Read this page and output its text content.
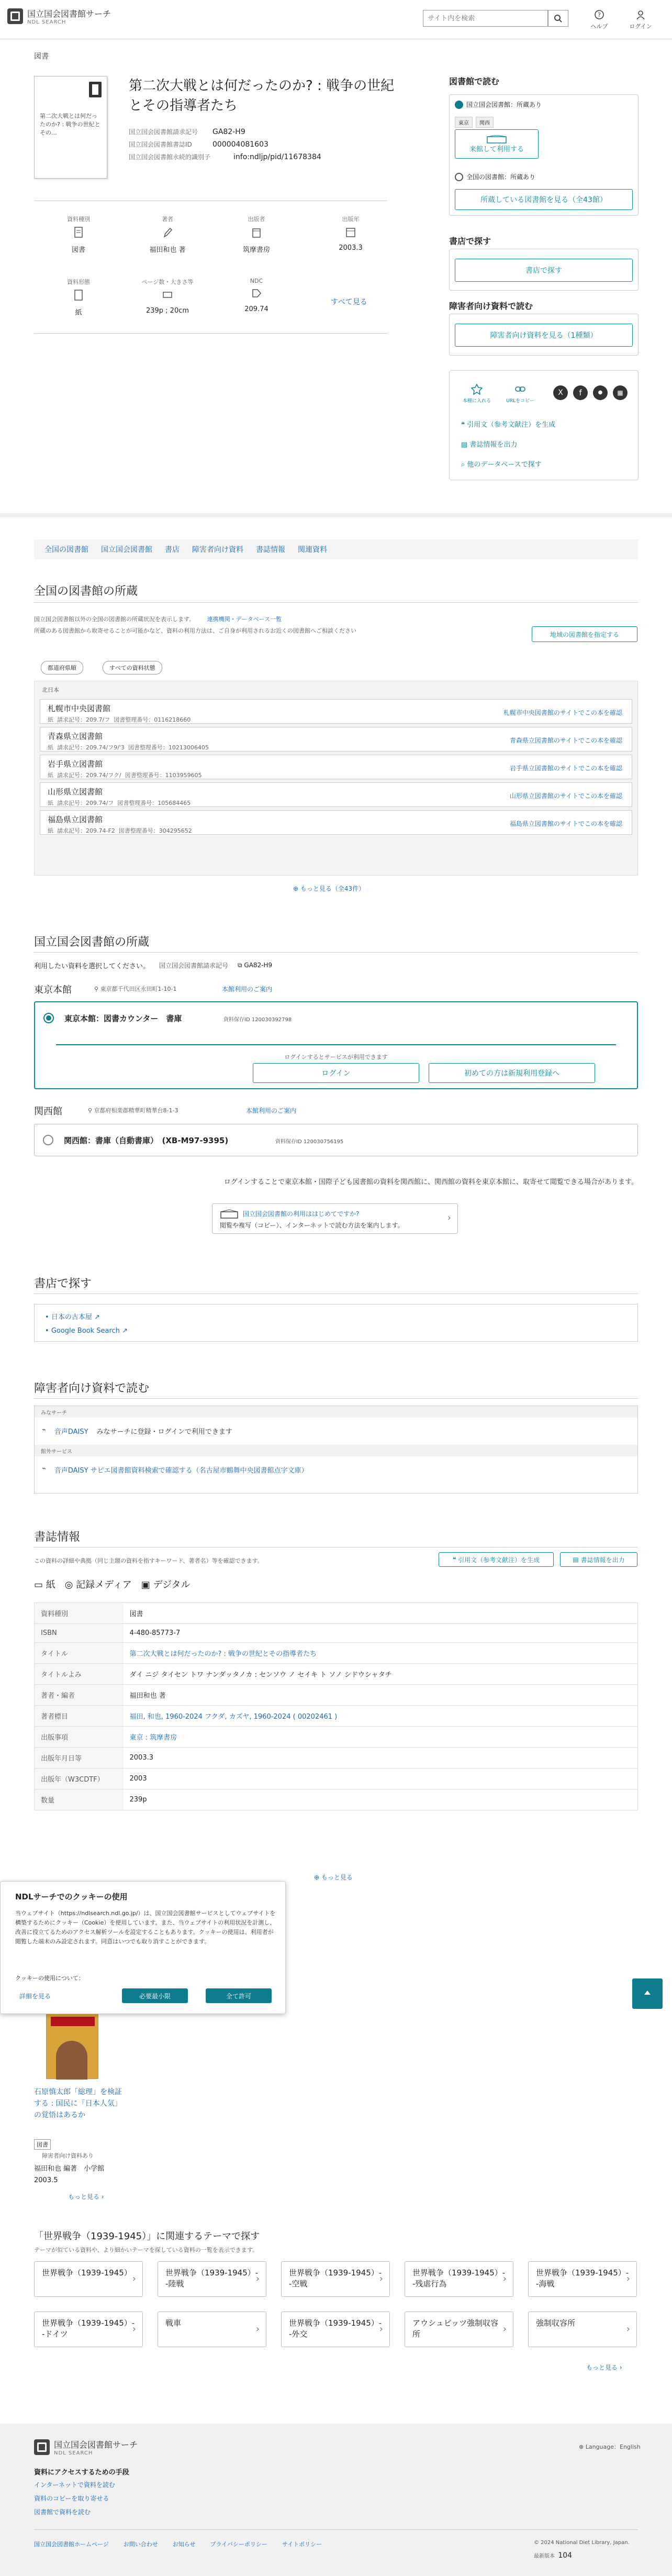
国立国会図書館サーチ
NDL SEARCH
サイト内を検索
?
ヘルプ	ログイン
図書
第二次大戦とは何だったのか? : 戦争の世紀とその...
第二次大戦とは何だったのか? : 戦争の世紀とその指導者たち
国立国会図書館請求記号	GA82-H9
国立国会図書館書誌ID	000004081603
国立国会図書館永続的識別子	info:ndljp/pid/11678384
資料種別
図書
著者
福田和也 著
出版者
筑摩書房
出版年
2003.3
資料形態
紙
ページ数・大きさ等
239p ; 20cm
NDC
209.74
すべて見る
図書館で読む
国立国会図書館：所蔵あり
東京	関西
来館して利用する
全国の図書館：所蔵あり
所蔵している図書館を見る（全43館）
書店で探す
書店で探す
障害者向け資料で読む
障害者向け資料を見る（1種類）
本棚に入れる	URLをコピー
X	f	●	▦
❝ 引用文（参考文献注）を生成
▤ 書誌情報を出力
⌕ 他のデータベースで探す
全国の図書館 国立国会図書館 書店 障害者向け資料 書誌情報 関連資料
全国の図書館の所蔵
国立国会図書館以外の全国の図書館の所蔵状況を表示します。 連携機関・データベース一覧
所蔵のある図書館から取寄せることが可能かなど、資料の利用方法は、ご自身が利用されるお近くの図書館へご相談ください	地域の図書館を指定する
都道府県順	すべての資料状態
北日本
札幌市中央図書館
紙 請求記号：209.7/フ 図書整理番号：0116218660
札幌市中央図書館のサイトでこの本を確認
青森県立図書館
紙 請求記号：209.74/フ9/'3 図書整理番号：10213006405
青森県立図書館のサイトでこの本を確認
岩手県立図書館
紙 請求記号：209.74/フク/ 図書整理番号：1103959605
岩手県立図書館のサイトでこの本を確認
山形県立図書館
紙 請求記号：209.74/フ 図書整理番号：105684465
山形県立図書館のサイトでこの本を確認
福島県立図書館
紙 請求記号：209.74-F2 図書整理番号：304295652
福島県立図書館のサイトでこの本を確認
⊕ もっと見る（全43件）
国立国会図書館の所蔵
利用したい資料を選択してください。 国立国会図書館請求記号 ⧉ GA82-H9
東京本館	⚲ 東京都千代田区永田町1-10-1	本館利用のご案内
東京本館：図書カウンター　書庫	資料保存ID 120030392798
ログインするとサービスが利用できます
ログイン	初めての方は新規利用登録へ
関西館	⚲ 京都府相楽郡精華町精華台8-1-3	本館利用のご案内
関西館：書庫（自動書庫）　(XB-M97-9395)	資料保存ID 120030756195
ログインすることで東京本館・国際子ども図書館の資料を関西館に、関西館の資料を東京本館に、取寄せて閲覧できる場合があります。
国立国会図書館の利用ははじめてですか?
閲覧や複写（コピー）、インターネットで読む方法を案内します。
›
書店で探す
• 日本の古本屋 ↗
• Google Book Search ↗
障害者向け資料で読む
みなサーチ
⌁ 音声DAISY みなサーチに登録・ログインで利用できます
館外サービス
⌁ 音声DAISY サピエ図書館資料検索で確認する（名古屋市鶴舞中央図書館点字文庫）
書誌情報
この資料の詳細や典拠（同じ主題の資料を指すキーワード、著者名）等を確認できます。	❝ 引用文（参考文献注）を生成	▤ 書誌情報を出力
▭ 紙 ◎ 記録メディア ▣ デジタル
資料種別	図書
ISBN	4-480-85773-7
タイトル	第二次大戦とは何だったのか? : 戦争の世紀とその指導者たち
タイトルよみ	ダイ ニジ タイセン トワ ナンダッタノカ : センソウ ノ セイキ ト ソノ シドウシャタチ
著者・編者	福田和也 著
著者標目	福田, 和也, 1960-2024 フクダ, カズヤ, 1960-2024 ( 00202461 )
出版事項	東京 : 筑摩書房
出版年月日等	2003.3
出版年（W3CDTF）	2003
数量	239p
⊕ もっと見る
石原慎太郎「総理」を検証する : 国民に「日本人気」の覚悟はあるか
図書
障害者向け資料あり
福田和也 編著　小学館
2003.5
もっと見る ›
「世界戦争（1939-1945）」に関連するテーマで探す
テーマが似ている資料や、より細かいテーマを探している資料の一覧を表示できます。
世界戦争（1939-1945） ›	世界戦争（1939-1945）--陸戦 ›
世界戦争（1939-1945）--空戦 ›
世界戦争（1939-1945）--残虐行為 ›
世界戦争（1939-1945）--海戦 ›
世界戦争（1939-1945）--ドイツ ›
戦車 ›	世界戦争（1939-1945）--外交 ›
アウシュビッツ強制収容所 ›
強制収容所 ›
もっと見る ›
国立国会図書館サーチ
NDL SEARCH
⊕ Language：English
資料にアクセスするための手段
インターネットで資料を読む
資料のコピーを取り寄せる
図書館で資料を読む
国立国会図書館ホームページ	お問い合わせ	お知らせ	プライバシーポリシー	サイトポリシー	© 2024 National Diet Library, Japan.
最新版本 104
NDLサーチでのクッキーの使用
当ウェブサイト（https://ndlsearch.ndl.go.jp/）は、国立国会図書館サービスとしてウェブサイトを構築するためにクッキー（Cookie）を使用しています。また、当ウェブサイトの利用状況を計測し、改善に役立てるためのアクセス解析ツールを設定することもあります。クッキーの使用は、利用者が閲覧した端末のみ設定されます。同意はいつでも取り消すことができます。
クッキーの使用について：
詳細を見る	必要最小限	全て許可
